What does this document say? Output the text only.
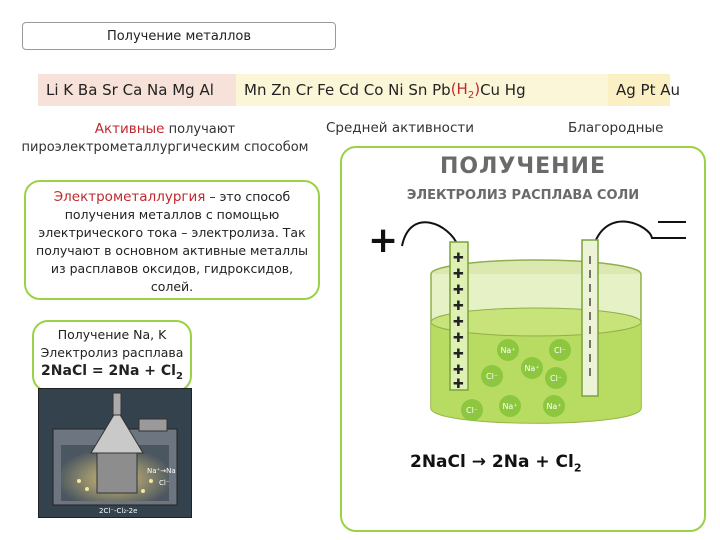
Получение металлов
Li K Ba Sr Ca Na Mg Al	Mn Zn Cr Fe Cd Co Ni Sn Pb $(H_2)$ Cu Hg	Ag Pt Au
Активные получают
пироэлектрометаллургическим способом
Средней активности	Благородные
Электрометаллургия – это способ получения металлов с помощью электрического тока – электролиза. Так получают в основном активные металлы из расплавов оксидов, гидроксидов, солей.
Получение Na, K
Электролиз расплава
2NaCl = $2Na + Cl_2$
Na⁺→Na
Cl⁻
2Cl⁻-Cl₂-2e
ПОЛУЧЕНИЕ
ЭЛЕКТРОЛИЗ РАСПЛАВА СОЛИ
+	✚
✚
✚
✚
✚
✚
✚
✚
✚
Na⁺	Cl⁻
Na⁺
Cl⁻	Cl⁻
Cl⁻	Na⁺	Na⁺
2NaCl → $2Na + Cl_2$
